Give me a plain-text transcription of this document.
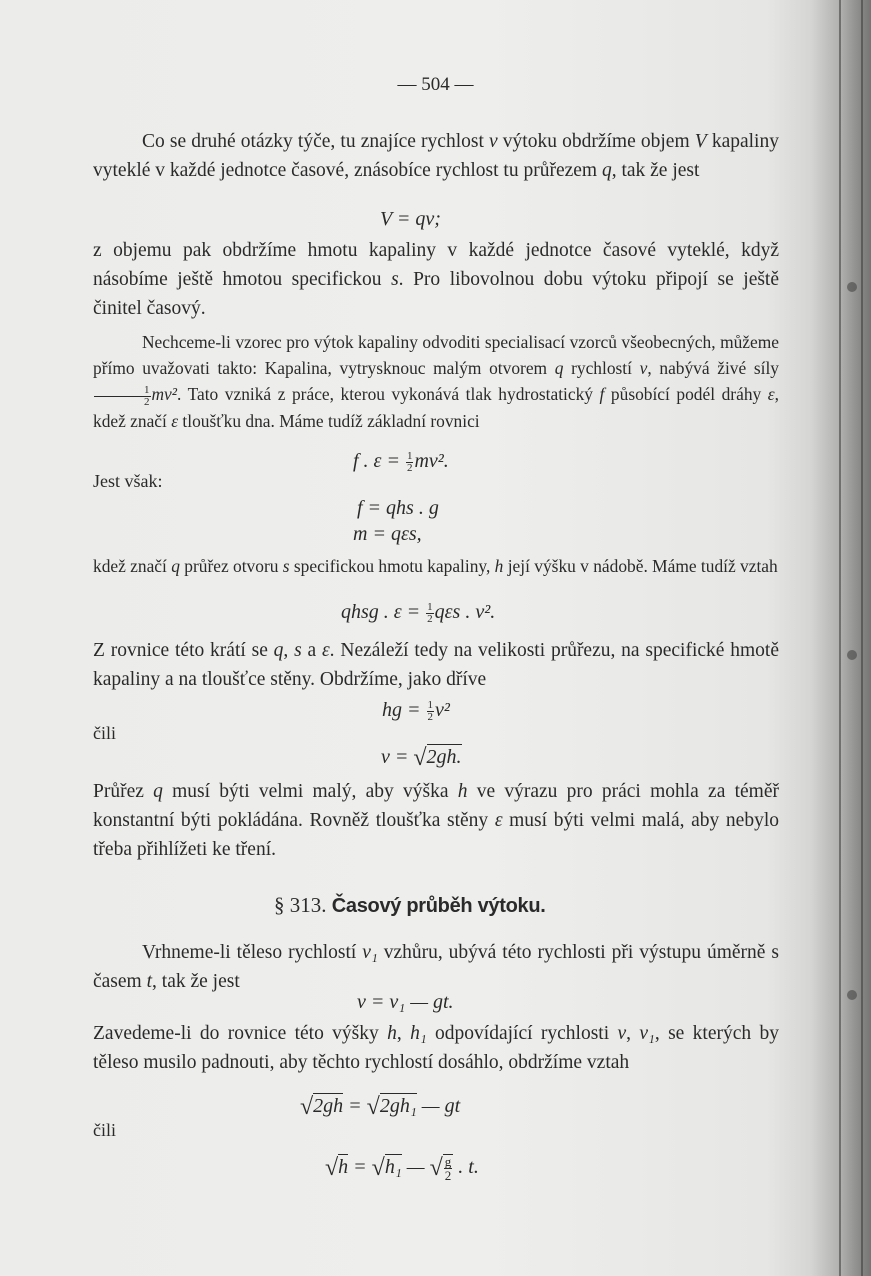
— 504 —

Co se druhé otázky týče, tu znajíce rychlost v výtoku obdržíme objem V kapaliny vyteklé v každé jednotce časové, znásobíce rychlost tu průřezem q, tak že jest

V = qv;

z objemu pak obdržíme hmotu kapaliny v každé jednotce časové vyteklé, když násobíme ještě hmotou specifickou s. Pro libovolnou dobu výtoku připojí se ještě činitel časový.

Nechceme-li vzorec pro výtok kapaliny odvoditi specialisací vzorců všeobecných, můžeme přímo uvažovati takto: Kapalina, vytrysknouc malým otvorem q rychlostí v, nabývá živé síly
$\frac{1}{2} mv^2$. Tato vzniká z práce, kterou vykonává tlak hydrostatický f působící podél dráhy ε, kdež značí ε tloušťku dna. Máme tudíž základní rovnici

f . $\varepsilon = \frac{1}{2} mv^2$.
Jest však:
f = qhs . g
m = qεs,

kdež značí q průřez otvoru s specifickou hmotu kapaliny, h její výšku v nádobě. Máme tudíž vztah

qhsg . $\varepsilon = \frac{1}{2}$ qεs . v².

Z rovnice této krátí se q, s a ε. Nezáleží tedy na velikosti průřezu, na specifické hmotě kapaliny a na tloušťce stěny. Obdržíme, jako dříve

hg = $\frac{1}{2} v^2$
čili
v = √2gh.

Průřez q musí býti velmi malý, aby výška h ve výrazu pro práci mohla za téměř konstantní býti pokládána. Rovněž tloušťka stěny ε musí býti velmi malá, aby nebylo třeba přihlížeti ke tření.

§ 313. Časový průběh výtoku.

Vrhneme-li těleso rychlostí v₁ vzhůru, ubývá této rychlosti při výstupu úměrně s časem t, tak že jest

v = v₁ — gt.

Zavedeme-li do rovnice této výšky h, h₁ odpovídající rychlosti v, v₁, se kterých by těleso musilo padnouti, aby těchto rychlostí dosáhlo, obdržíme vztah

√2gh = √2gh₁ — gt
čili
√h = √h₁ — √ $\frac{g}{2}$ . t.
